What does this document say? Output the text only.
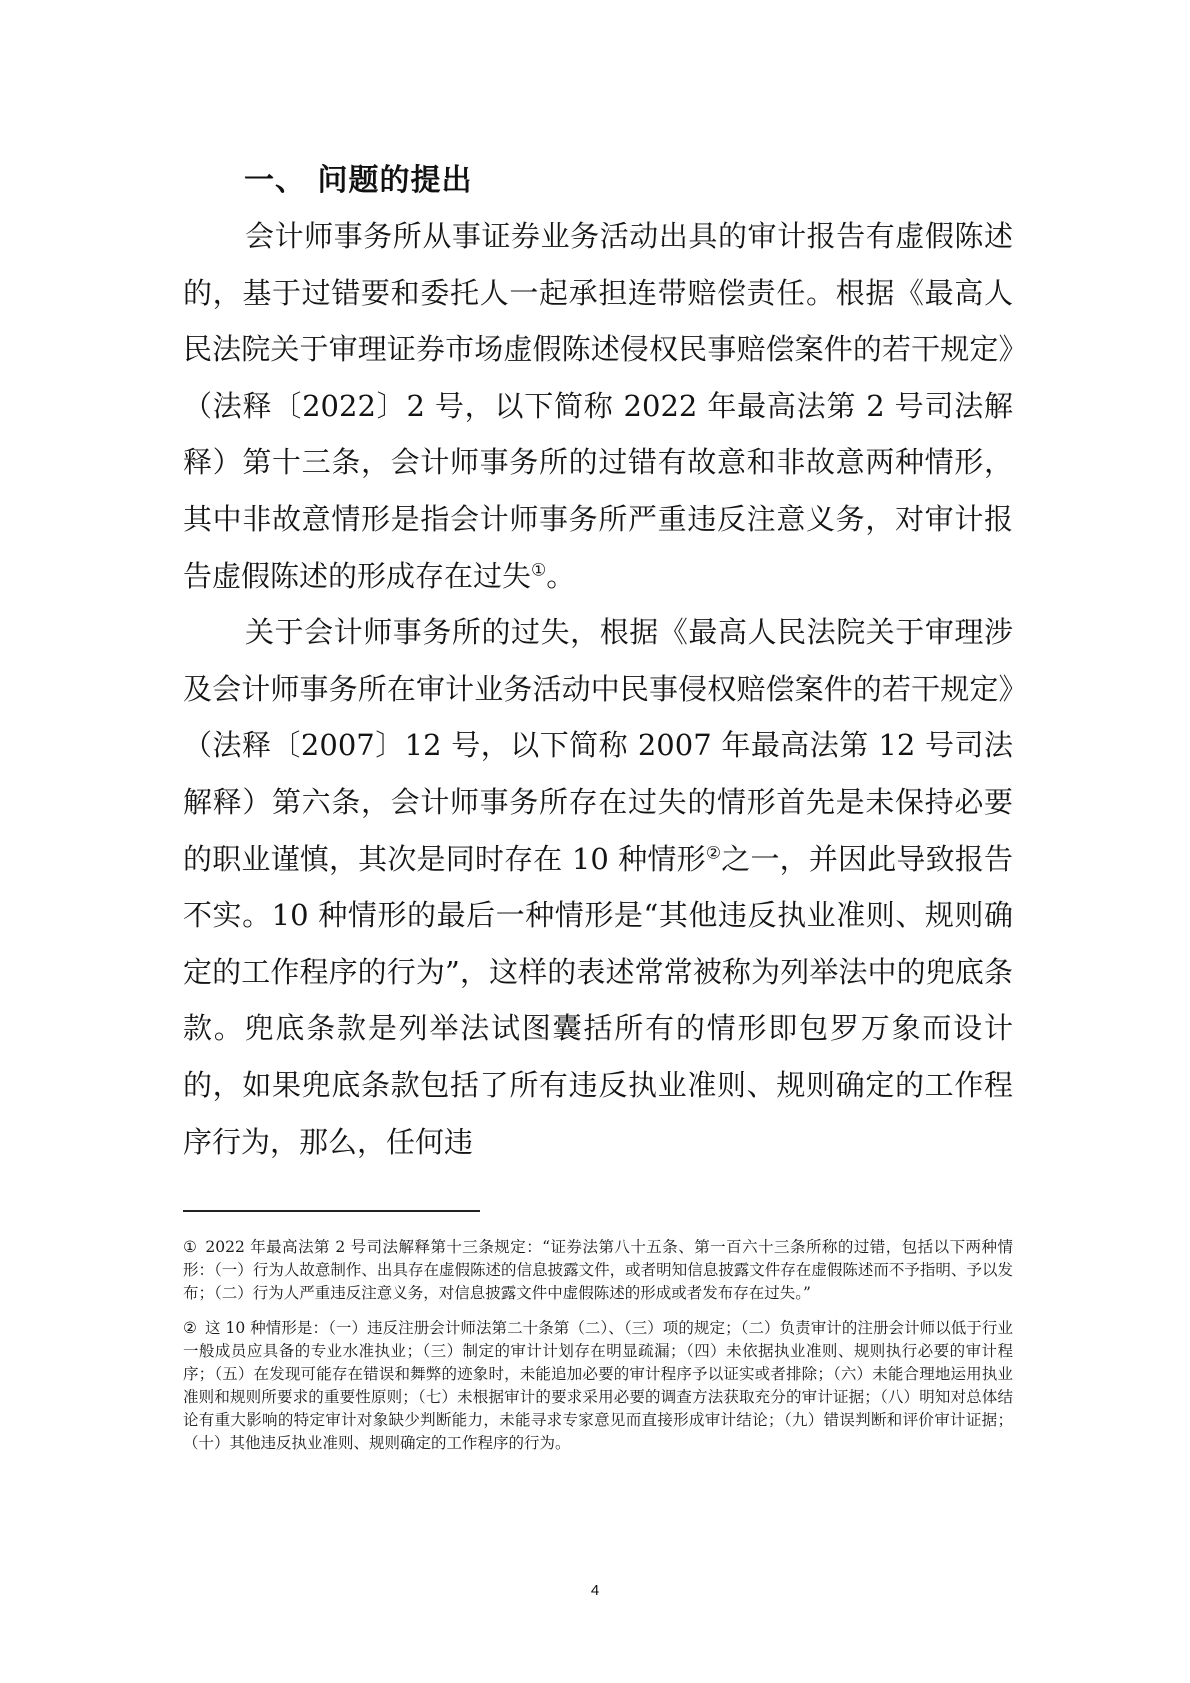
一、 问题的提出

会计师事务所从事证券业务活动出具的审计报告有虚假陈述的，基于过错要和委托人一起承担连带赔偿责任。根据《最高人民法院关于审理证券市场虚假陈述侵权民事赔偿案件的若干规定》（法释〔2022〕2 号，以下简称 2022 年最高法第 2 号司法解释）第十三条，会计师事务所的过错有故意和非故意两种情形，其中非故意情形是指会计师事务所严重违反注意义务，对审计报告虚假陈述的形成存在过失①。

关于会计师事务所的过失，根据《最高人民法院关于审理涉及会计师事务所在审计业务活动中民事侵权赔偿案件的若干规定》（法释〔2007〕12 号，以下简称 2007 年最高法第 12 号司法解释）第六条，会计师事务所存在过失的情形首先是未保持必要的职业谨慎，其次是同时存在 10 种情形②之一，并因此导致报告不实。10 种情形的最后一种情形是“其他违反执业准则、规则确定的工作程序的行为”，这样的表述常常被称为列举法中的兜底条款。兜底条款是列举法试图囊括所有的情形即包罗万象而设计的，如果兜底条款包括了所有违反执业准则、规则确定的工作程序行为，那么，任何违

① 2022 年最高法第 2 号司法解释第十三条规定：“证券法第八十五条、第一百六十三条所称的过错，包括以下两种情形：（一）行为人故意制作、出具存在虚假陈述的信息披露文件，或者明知信息披露文件存在虚假陈述而不予指明、予以发布；（二）行为人严重违反注意义务，对信息披露文件中虚假陈述的形成或者发布存在过失。”

② 这 10 种情形是：（一）违反注册会计师法第二十条第（二）、（三）项的规定；（二）负责审计的注册会计师以低于行业一般成员应具备的专业水准执业；（三）制定的审计计划存在明显疏漏；（四）未依据执业准则、规则执行必要的审计程序；（五）在发现可能存在错误和舞弊的迹象时，未能追加必要的审计程序予以证实或者排除；（六）未能合理地运用执业准则和规则所要求的重要性原则；（七）未根据审计的要求采用必要的调查方法获取充分的审计证据；（八）明知对总体结论有重大影响的特定审计对象缺少判断能力，未能寻求专家意见而直接形成审计结论；（九）错误判断和评价审计证据；（十）其他违反执业准则、规则确定的工作程序的行为。

4
